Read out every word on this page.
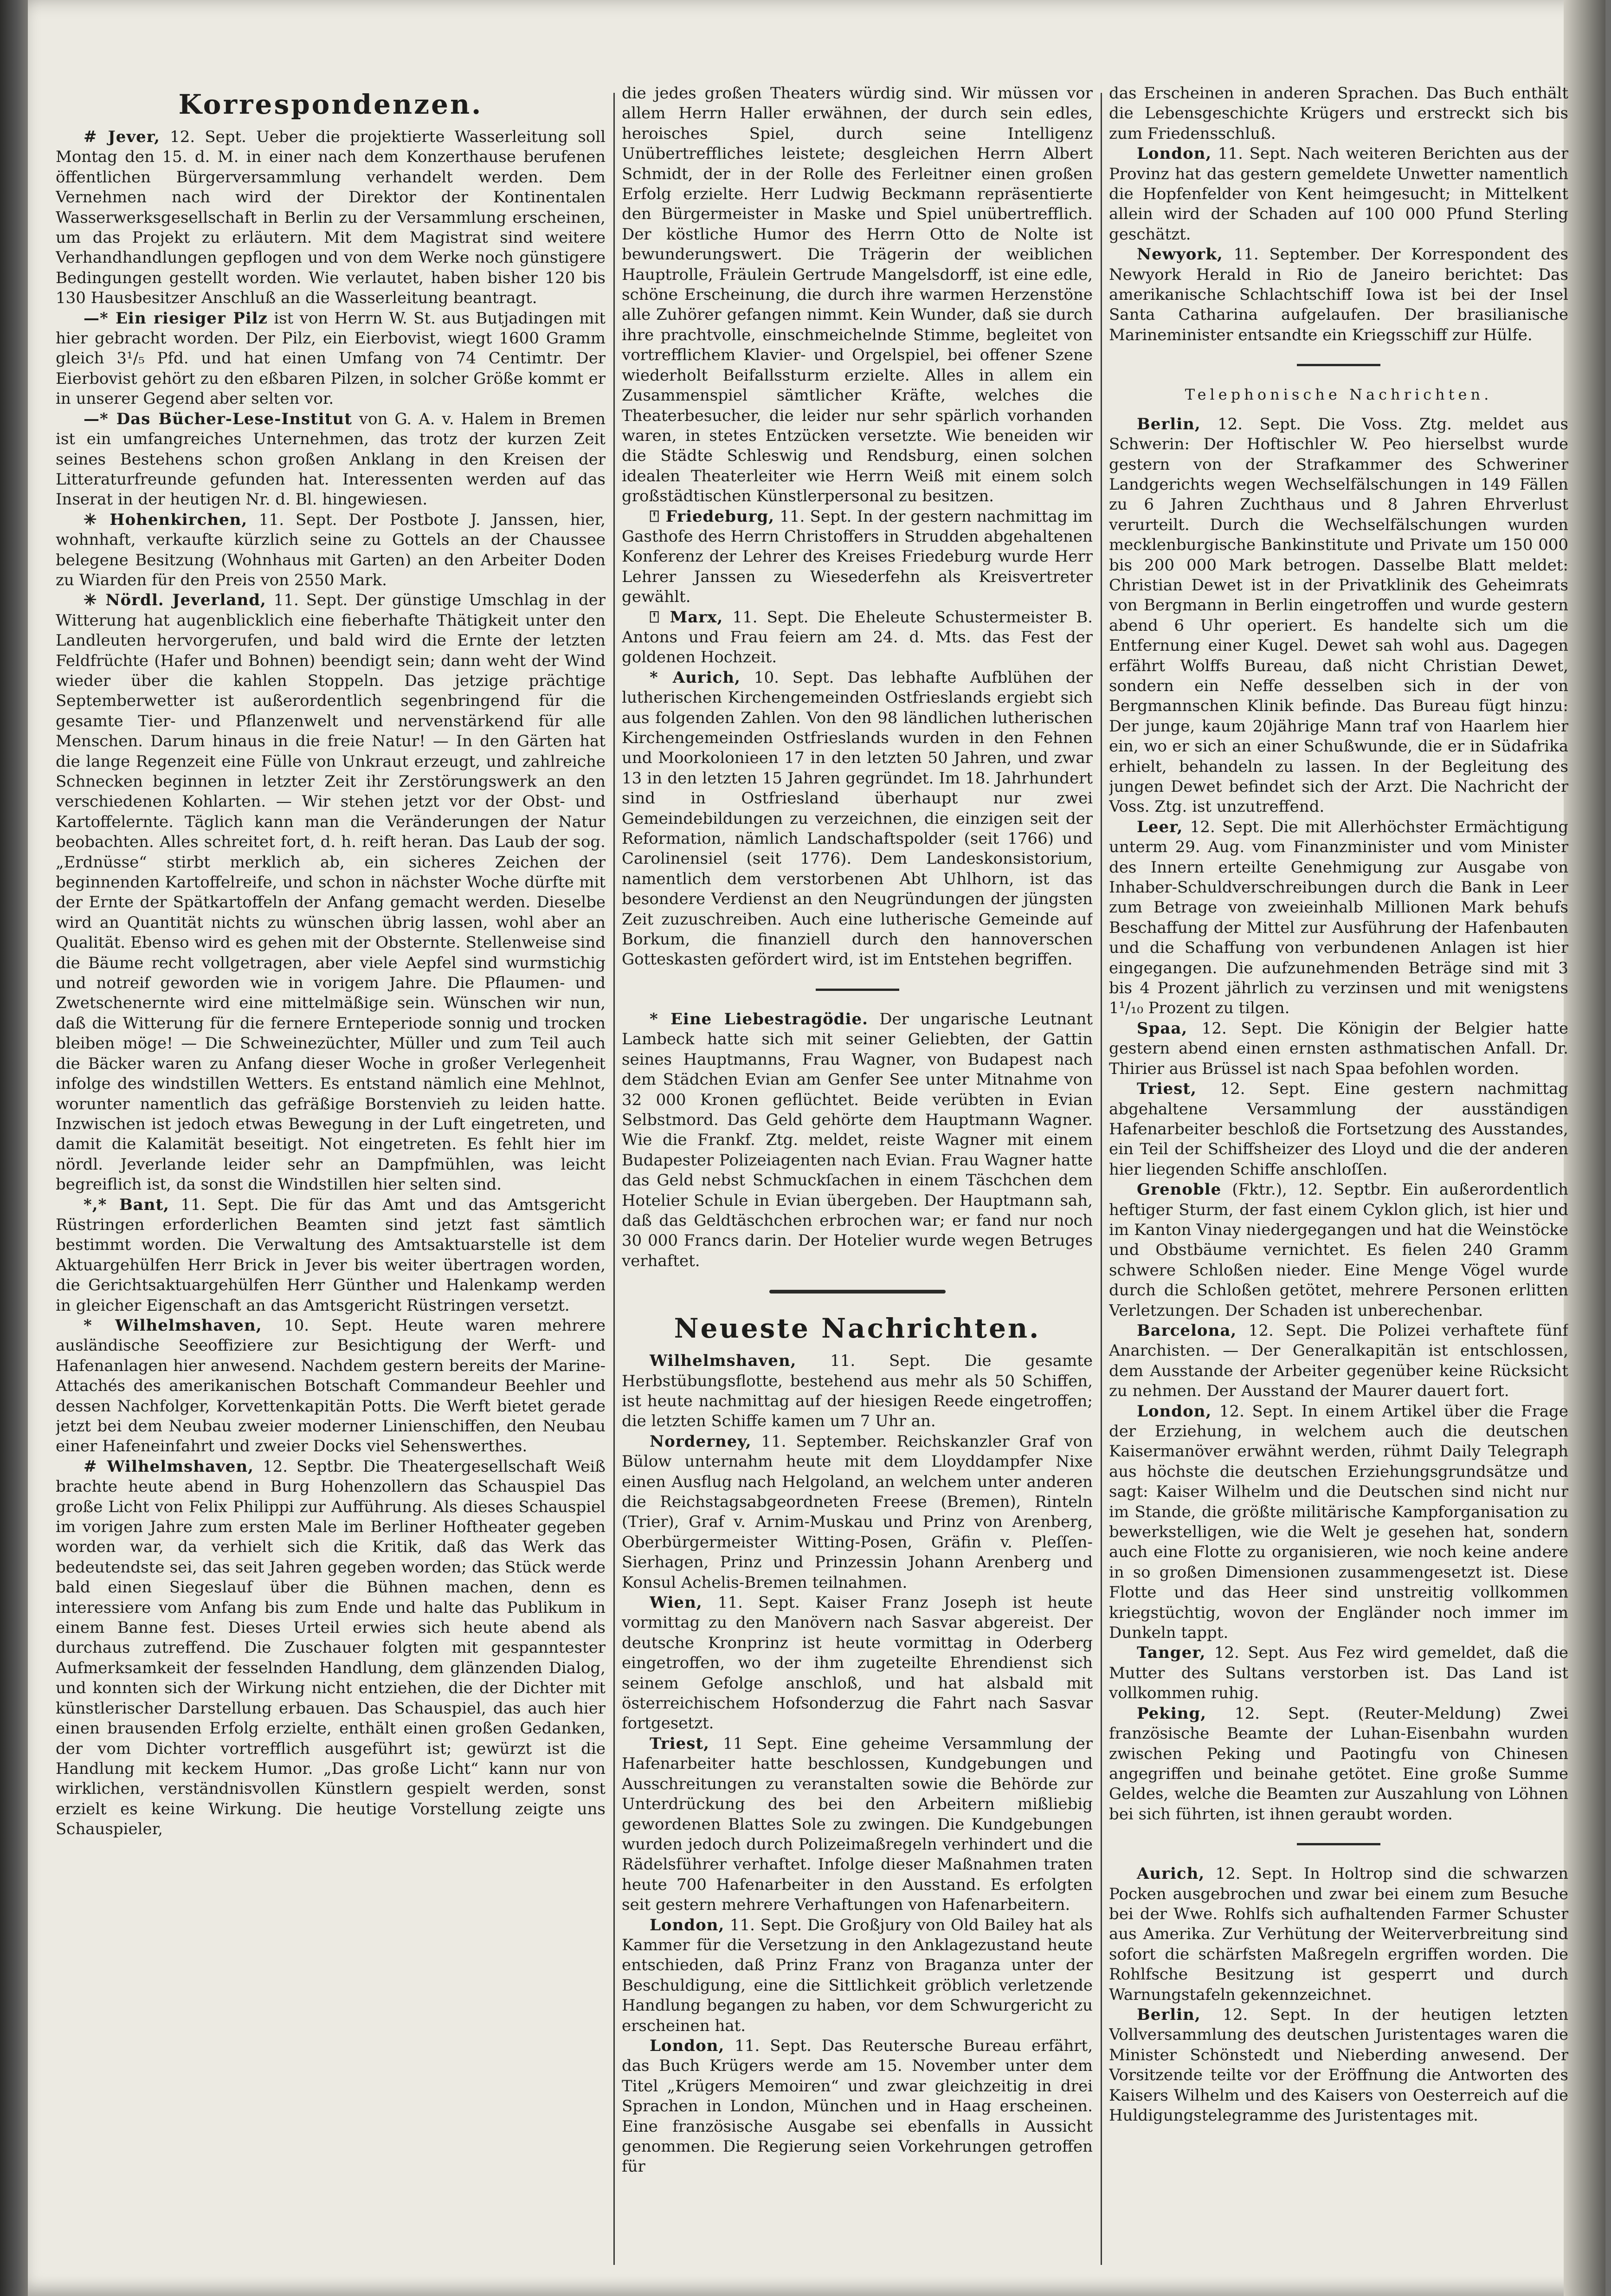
Korrespondenzen.

# Jever, 12. Sept. Ueber die projektierte Wasserleitung soll Montag den 15. d. M. in einer nach dem Konzerthause berufenen öffentlichen Bürgerversammlung verhandelt werden. Dem Vernehmen nach wird der Direktor der Kontinentalen Wasserwerksgesellschaft in Berlin zu der Versammlung erscheinen, um das Projekt zu erläutern. Mit dem Magistrat sind weitere Verhandhandlungen gepflogen und von dem Werke noch günstigere Bedingungen gestellt worden. Wie verlautet, haben bisher 120 bis 130 Hausbesitzer Anschluß an die Wasserleitung beantragt.

—* Ein riesiger Pilz ist von Herrn W. St. aus Butjadingen mit hier gebracht worden. Der Pilz, ein Eierbovist, wiegt 1600 Gramm gleich 3¹/₅ Pfd. und hat einen Umfang von 74 Centimtr. Der Eierbovist gehört zu den eßbaren Pilzen, in solcher Größe kommt er in unserer Gegend aber selten vor.

—* Das Bücher-Lese-Institut von G. A. v. Halem in Bremen ist ein umfangreiches Unternehmen, das trotz der kurzen Zeit seines Bestehens schon großen Anklang in den Kreisen der Litteraturfreunde gefunden hat. Interessenten werden auf das Inserat in der heutigen Nr. d. Bl. hingewiesen.

✳ Hohenkirchen, 11. Sept. Der Postbote J. Janssen, hier, wohnhaft, verkaufte kürzlich seine zu Gottels an der Chaussee belegene Besitzung (Wohnhaus mit Garten) an den Arbeiter Doden zu Wiarden für den Preis von 2550 Mark.

✳ Nördl. Jeverland, 11. Sept. Der günstige Umschlag in der Witterung hat augenblicklich eine fieberhafte Thätigkeit unter den Landleuten hervorgerufen, und bald wird die Ernte der letzten Feldfrüchte (Hafer und Bohnen) beendigt sein; dann weht der Wind wieder über die kahlen Stoppeln. Das jetzige prächtige Septemberwetter ist außerordentlich segenbringend für die gesamte Tier- und Pflanzenwelt und nervenstärkend für alle Menschen. Darum hinaus in die freie Natur! — In den Gärten hat die lange Regenzeit eine Fülle von Unkraut erzeugt, und zahlreiche Schnecken beginnen in letzter Zeit ihr Zerstörungswerk an den verschiedenen Kohlarten. — Wir stehen jetzt vor der Obst- und Kartoffelernte. Täglich kann man die Veränderungen der Natur beobachten. Alles schreitet fort, d. h. reift heran. Das Laub der sog. „Erdnüsse“ stirbt merklich ab, ein sicheres Zeichen der beginnenden Kartoffelreife, und schon in nächster Woche dürfte mit der Ernte der Spätkartoffeln der Anfang gemacht werden. Dieselbe wird an Quantität nichts zu wünschen übrig lassen, wohl aber an Qualität. Ebenso wird es gehen mit der Obsternte. Stellenweise sind die Bäume recht vollgetragen, aber viele Aepfel sind wurmstichig und notreif geworden wie in vorigem Jahre. Die Pflaumen- und Zwetschenernte wird eine mittelmäßige sein. Wünschen wir nun, daß die Witterung für die fernere Ernteperiode sonnig und trocken bleiben möge! — Die Schweinezüchter, Müller und zum Teil auch die Bäcker waren zu Anfang dieser Woche in großer Verlegenheit infolge des windstillen Wetters. Es entstand nämlich eine Mehlnot, worunter namentlich das gefräßige Borstenvieh zu leiden hatte. Inzwischen ist jedoch etwas Bewegung in der Luft eingetreten, und damit die Kalamität beseitigt. Not eingetreten. Es fehlt hier im nördl. Jeverlande leider sehr an Dampfmühlen, was leicht begreiflich ist, da sonst die Windstillen hier selten sind.

*,* Bant, 11. Sept. Die für das Amt und das Amtsgericht Rüstringen erforderlichen Beamten sind jetzt fast sämtlich bestimmt worden. Die Verwaltung des Amtsaktuarstelle ist dem Aktuargehülfen Herr Brick in Jever bis weiter übertragen worden, die Gerichtsaktuargehülfen Herr Günther und Halenkamp werden in gleicher Eigenschaft an das Amtsgericht Rüstringen versetzt.

* Wilhelmshaven, 10. Sept. Heute waren mehrere ausländische Seeoffiziere zur Besichtigung der Werft- und Hafenanlagen hier anwesend. Nachdem gestern bereits der Marine-Attachés des amerikanischen Botschaft Commandeur Beehler und dessen Nachfolger, Korvettenkapitän Potts. Die Werft bietet gerade jetzt bei dem Neubau zweier moderner Linienschiffen, den Neubau einer Hafeneinfahrt und zweier Docks viel Sehenswerthes.

# Wilhelmshaven, 12. Septbr. Die Theatergesellschaft Weiß brachte heute abend in Burg Hohenzollern das Schauspiel Das große Licht von Felix Philippi zur Aufführung. Als dieses Schauspiel im vorigen Jahre zum ersten Male im Berliner Hoftheater gegeben worden war, da verhielt sich die Kritik, daß das Werk das bedeutendste sei, das seit Jahren gegeben worden; das Stück werde bald einen Siegeslauf über die Bühnen machen, denn es interessiere vom Anfang bis zum Ende und halte das Publikum in einem Banne fest. Dieses Urteil erwies sich heute abend als durchaus zutreffend. Die Zuschauer folgten mit gespanntester Aufmerksamkeit der fesselnden Handlung, dem glänzenden Dialog, und konnten sich der Wirkung nicht entziehen, die der Dichter mit künstlerischer Darstellung erbauen. Das Schauspiel, das auch hier einen brausenden Erfolg erzielte, enthält einen großen Gedanken, der vom Dichter vortrefflich ausgeführt ist; gewürzt ist die Handlung mit keckem Humor. „Das große Licht“ kann nur von wirklichen, verständnisvollen Künstlern gespielt werden, sonst erzielt es keine Wirkung. Die heutige Vorstellung zeigte uns Schauspieler,

die jedes großen Theaters würdig sind. Wir müssen vor allem Herrn Haller erwähnen, der durch sein edles, heroisches Spiel, durch seine Intelligenz Unübertreffliches leistete; desgleichen Herrn Albert Schmidt, der in der Rolle des Ferleitner einen großen Erfolg erzielte. Herr Ludwig Beckmann repräsentierte den Bürgermeister in Maske und Spiel unübertrefflich. Der köstliche Humor des Herrn Otto de Nolte ist bewunderungswert. Die Trägerin der weiblichen Hauptrolle, Fräulein Gertrude Mangelsdorff, ist eine edle, schöne Erscheinung, die durch ihre warmen Herzenstöne alle Zuhörer gefangen nimmt. Kein Wunder, daß sie durch ihre prachtvolle, einschmeichelnde Stimme, begleitet von vortrefflichem Klavier- und Orgelspiel, bei offener Szene wiederholt Beifallssturm erzielte. Alles in allem ein Zusammenspiel sämtlicher Kräfte, welches die Theaterbesucher, die leider nur sehr spärlich vorhanden waren, in stetes Entzücken versetzte. Wie beneiden wir die Städte Schleswig und Rendsburg, einen solchen idealen Theaterleiter wie Herrn Weiß mit einem solch großstädtischen Künstlerpersonal zu besitzen.

⍞ Friedeburg, 11. Sept. In der gestern nachmittag im Gasthofe des Herrn Christoffers in Strudden abgehaltenen Konferenz der Lehrer des Kreises Friedeburg wurde Herr Lehrer Janssen zu Wiesederfehn als Kreisvertreter gewählt.

⍞ Marx, 11. Sept. Die Eheleute Schustermeister B. Antons und Frau feiern am 24. d. Mts. das Fest der goldenen Hochzeit.

* Aurich, 10. Sept. Das lebhafte Aufblühen der lutherischen Kirchengemeinden Ostfrieslands ergiebt sich aus folgenden Zahlen. Von den 98 ländlichen lutherischen Kirchengemeinden Ostfrieslands wurden in den Fehnen und Moorkolonieen 17 in den letzten 50 Jahren, und zwar 13 in den letzten 15 Jahren gegründet. Im 18. Jahrhundert sind in Ostfriesland überhaupt nur zwei Gemeindebildungen zu verzeichnen, die einzigen seit der Reformation, nämlich Landschaftspolder (seit 1766) und Carolinensiel (seit 1776). Dem Landeskonsistorium, namentlich dem verstorbenen Abt Uhlhorn, ist das besondere Verdienst an den Neugründungen der jüngsten Zeit zuzuschreiben. Auch eine lutherische Gemeinde auf Borkum, die finanziell durch den hannoverschen Gotteskasten gefördert wird, ist im Entstehen begriffen.

* Eine Liebestragödie. Der ungarische Leutnant Lambeck hatte sich mit seiner Geliebten, der Gattin seines Hauptmanns, Frau Wagner, von Budapest nach dem Städchen Evian am Genfer See unter Mitnahme von 32 000 Kronen geflüchtet. Beide verübten in Evian Selbstmord. Das Geld gehörte dem Hauptmann Wagner. Wie die Frankf. Ztg. meldet, reiste Wagner mit einem Budapester Polizeiagenten nach Evian. Frau Wagner hatte das Geld nebst Schmuckſachen in einem Täschchen dem Hotelier Schule in Evian übergeben. Der Hauptmann sah, daß das Geldtäschchen erbrochen war; er fand nur noch 30 000 Francs darin. Der Hotelier wurde wegen Betruges verhaftet.

Neueste Nachrichten.

Wilhelmshaven, 11. Sept. Die gesamte Herbstübungsflotte, bestehend aus mehr als 50 Schiffen, ist heute nachmittag auf der hiesigen Reede eingetroffen; die letzten Schiffe kamen um 7 Uhr an.

Norderney, 11. September. Reichskanzler Graf von Bülow unternahm heute mit dem Lloyddampfer Nixe einen Ausflug nach Helgoland, an welchem unter anderen die Reichstagsabgeordneten Freese (Bremen), Rinteln (Trier), Graf v. Arnim-Muskau und Prinz von Arenberg, Oberbürgermeister Witting-Posen, Gräfin v. Pleſſen-Sierhagen, Prinz und Prinzessin Johann Arenberg und Konsul Achelis-Bremen teilnahmen.

Wien, 11. Sept. Kaiser Franz Joseph ist heute vormittag zu den Manövern nach Sasvar abgereist. Der deutsche Kronprinz ist heute vormittag in Oderberg eingetroffen, wo der ihm zugeteilte Ehrendienst sich seinem Gefolge anschloß, und hat alsbald mit österreichischem Hofsonderzug die Fahrt nach Sasvar fortgesetzt.

Triest, 11 Sept. Eine geheime Versammlung der Hafenarbeiter hatte beschlossen, Kundgebungen und Ausschreitungen zu veranstalten sowie die Behörde zur Unterdrückung des bei den Arbeitern mißliebig gewordenen Blattes Sole zu zwingen. Die Kundgebungen wurden jedoch durch Polizeimaßregeln verhindert und die Rädelsführer verhaftet. Infolge dieser Maßnahmen traten heute 700 Hafenarbeiter in den Ausstand. Es erfolgten seit gestern mehrere Verhaftungen von Hafenarbeitern.

London, 11. Sept. Die Großjury von Old Bailey hat als Kammer für die Versetzung in den Anklagezustand heute entschieden, daß Prinz Franz von Braganza unter der Beschuldigung, eine die Sittlichkeit gröblich verletzende Handlung begangen zu haben, vor dem Schwurgericht zu erscheinen hat.

London, 11. Sept. Das Reutersche Bureau erfährt, das Buch Krügers werde am 15. November unter dem Titel „Krügers Memoiren“ und zwar gleichzeitig in drei Sprachen in London, München und in Haag erscheinen. Eine französische Ausgabe sei ebenfalls in Aussicht genommen. Die Regierung seien Vorkehrungen getroffen für

das Erscheinen in anderen Sprachen. Das Buch enthält die Lebensgeschichte Krügers und erstreckt sich bis zum Friedensschluß.

London, 11. Sept. Nach weiteren Berichten aus der Provinz hat das gestern gemeldete Unwetter namentlich die Hopfenfelder von Kent heimgesucht; in Mittelkent allein wird der Schaden auf 100 000 Pfund Sterling geschätzt.

Newyork, 11. September. Der Korrespondent des Newyork Herald in Rio de Janeiro berichtet: Das amerikanische Schlachtschiff Iowa ist bei der Insel Santa Catharina aufgelaufen. Der brasilianische Marineminister entsandte ein Kriegsschiff zur Hülfe.

Telephonische Nachrichten.

Berlin, 12. Sept. Die Voss. Ztg. meldet aus Schwerin: Der Hoftischler W. Peo hierselbst wurde gestern von der Strafkammer des Schweriner Landgerichts wegen Wechselfälschungen in 149 Fällen zu 6 Jahren Zuchthaus und 8 Jahren Ehrverlust verurteilt. Durch die Wechselfälschungen wurden mecklenburgische Bankinstitute und Private um 150 000 bis 200 000 Mark betrogen. Dasselbe Blatt meldet: Christian Dewet ist in der Privatklinik des Geheimrats von Bergmann in Berlin eingetroffen und wurde gestern abend 6 Uhr operiert. Es handelte sich um die Entfernung einer Kugel. Dewet sah wohl aus. Dagegen erfährt Wolffs Bureau, daß nicht Christian Dewet, sondern ein Neffe desselben sich in der von Bergmannschen Klinik befinde. Das Bureau fügt hinzu: Der junge, kaum 20jährige Mann traf von Haarlem hier ein, wo er sich an einer Schußwunde, die er in Südafrika erhielt, behandeln zu lassen. In der Begleitung des jungen Dewet befindet sich der Arzt. Die Nachricht der Voss. Ztg. ist unzutreffend.

Leer, 12. Sept. Die mit Allerhöchster Ermächtigung unterm 29. Aug. vom Finanzminister und vom Minister des Innern erteilte Genehmigung zur Ausgabe von Inhaber-Schuldverschreibungen durch die Bank in Leer zum Betrage von zweieinhalb Millionen Mark behufs Beschaffung der Mittel zur Ausführung der Hafenbauten und die Schaffung von verbundenen Anlagen ist hier eingegangen. Die aufzunehmenden Beträge sind mit 3 bis 4 Prozent jährlich zu verzinsen und mit wenigstens 1¹/₁₀ Prozent zu tilgen.

Spaa, 12. Sept. Die Königin der Belgier hatte gestern abend einen ernsten asthmatischen Anfall. Dr. Thirier aus Brüssel ist nach Spaa befohlen worden.

Triest, 12. Sept. Eine gestern nachmittag abgehaltene Versammlung der ausständigen Hafenarbeiter beschloß die Fortsetzung des Ausstandes, ein Teil der Schiffsheizer des Lloyd und die der anderen hier liegenden Schiffe anschloſſen.

Grenoble (Fktr.), 12. Septbr. Ein außerordentlich heftiger Sturm, der fast einem Cyklon glich, ist hier und im Kanton Vinay niedergegangen und hat die Weinstöcke und Obstbäume vernichtet. Es fielen 240 Gramm schwere Schloßen nieder. Eine Menge Vögel wurde durch die Schloßen getötet, mehrere Personen erlitten Verletzungen. Der Schaden ist unberechenbar.

Barcelona, 12. Sept. Die Polizei verhaftete fünf Anarchisten. — Der Generalkapitän ist entschlossen, dem Ausstande der Arbeiter gegenüber keine Rücksicht zu nehmen. Der Ausstand der Maurer dauert fort.

London, 12. Sept. In einem Artikel über die Frage der Erziehung, in welchem auch die deutschen Kaisermanöver erwähnt werden, rühmt Daily Telegraph aus höchste die deutschen Erziehungsgrundsätze und sagt: Kaiser Wilhelm und die Deutschen sind nicht nur im Stande, die größte militärische Kampforganisation zu bewerkstelligen, wie die Welt je gesehen hat, sondern auch eine Flotte zu organisieren, wie noch keine andere in so großen Dimensionen zusammengesetzt ist. Diese Flotte und das Heer sind unstreitig vollkommen kriegstüchtig, wovon der Engländer noch immer im Dunkeln tappt.

Tanger, 12. Sept. Aus Fez wird gemeldet, daß die Mutter des Sultans verstorben ist. Das Land ist vollkommen ruhig.

Peking, 12. Sept. (Reuter-Meldung) Zwei französische Beamte der Luhan-Eisenbahn wurden zwischen Peking und Paotingfu von Chinesen angegriffen und beinahe getötet. Eine große Summe Geldes, welche die Beamten zur Auszahlung von Löhnen bei sich führten, ist ihnen geraubt worden.

Aurich, 12. Sept. In Holtrop sind die schwarzen Pocken ausgebrochen und zwar bei einem zum Besuche bei der Wwe. Rohlfs sich aufhaltenden Farmer Schuster aus Amerika. Zur Verhütung der Weiterverbreitung sind sofort die schärfsten Maßregeln ergriffen worden. Die Rohlfsche Besitzung ist gesperrt und durch Warnungstafeln gekennzeichnet.

Berlin, 12. Sept. In der heutigen letzten Vollversammlung des deutschen Juristentages waren die Minister Schönstedt und Nieberding anwesend. Der Vorsitzende teilte vor der Eröffnung die Antworten des Kaisers Wilhelm und des Kaisers von Oesterreich auf die Huldigungstelegramme des Juristentages mit.
